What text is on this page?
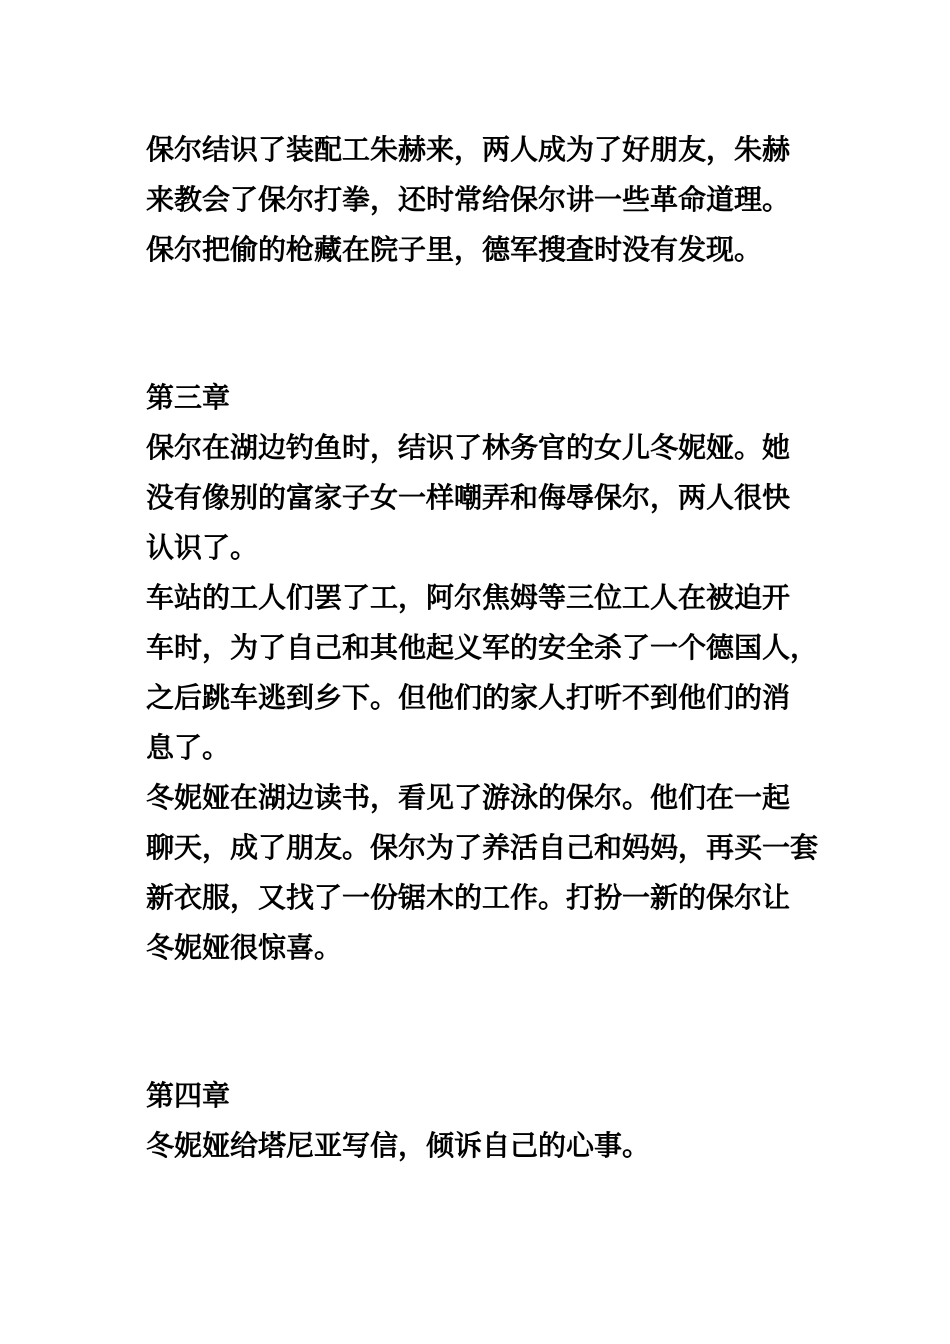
保尔结识了装配工朱赫来，两人成为了好朋友，朱赫
来教会了保尔打拳，还时常给保尔讲一些革命道理。
保尔把偷的枪藏在院子里，德军搜查时没有发现。
第三章
保尔在湖边钓鱼时，结识了林务官的女儿冬妮娅。她
没有像别的富家子女一样嘲弄和侮辱保尔，两人很快
认识了。
车站的工人们罢了工，阿尔焦姆等三位工人在被迫开
车时，为了自己和其他起义军的安全杀了一个德国人，
之后跳车逃到乡下。但他们的家人打听不到他们的消
息了。
冬妮娅在湖边读书，看见了游泳的保尔。他们在一起
聊天，成了朋友。保尔为了养活自己和妈妈，再买一套
新衣服，又找了一份锯木的工作。打扮一新的保尔让
冬妮娅很惊喜。
第四章
冬妮娅给塔尼亚写信，倾诉自己的心事。
